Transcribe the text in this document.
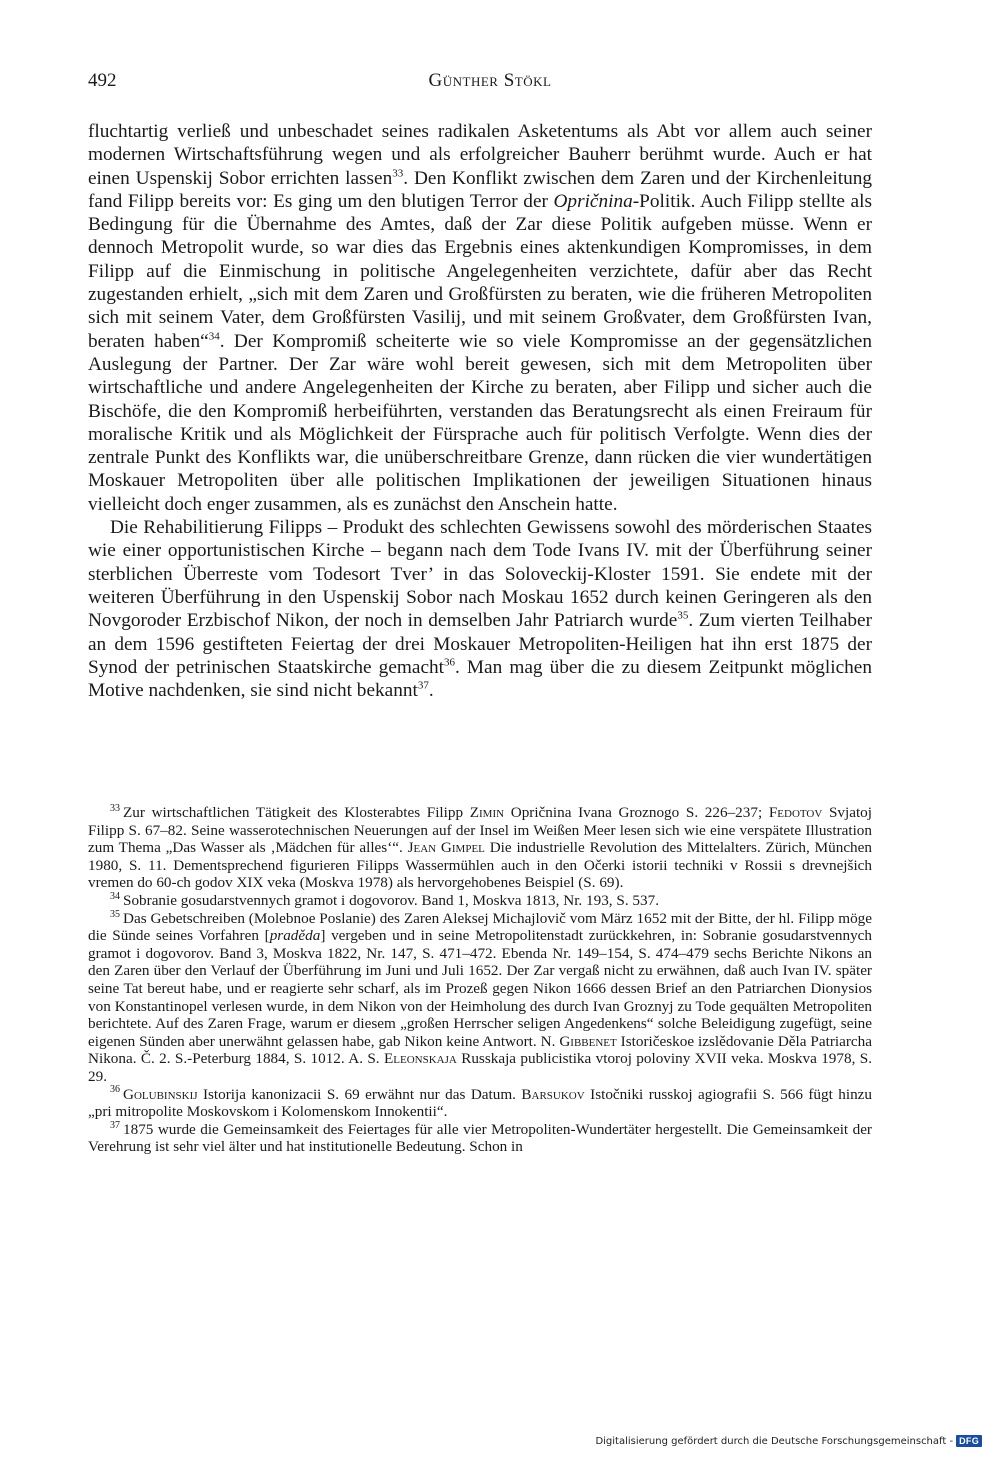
492	Günther Stökl

fluchtartig verließ und unbeschadet seines radikalen Asketentums als Abt vor allem auch seiner modernen Wirtschaftsführung wegen und als erfolgreicher Bauherr berühmt wurde. Auch er hat einen Uspenskij Sobor errichten lassen$^{33}$. Den Konflikt zwischen dem Zaren und der Kirchenleitung fand Filipp bereits vor: Es ging um den blutigen Terror der Opričnina-Politik. Auch Filipp stellte als Bedingung für die Übernahme des Amtes, daß der Zar diese Politik aufgeben müsse. Wenn er dennoch Metropolit wurde, so war dies das Ergebnis eines aktenkundigen Kompromisses, in dem Filipp auf die Einmischung in politische Angelegenheiten verzichtete, dafür aber das Recht zugestanden erhielt, „sich mit dem Zaren und Großfürsten zu beraten, wie die früheren Metropoliten sich mit seinem Vater, dem Großfürsten Vasilij, und mit seinem Großvater, dem Großfürsten Ivan, beraten haben“$^{34}$. Der Kompromiß scheiterte wie so viele Kompromisse an der gegensätzlichen Auslegung der Partner. Der Zar wäre wohl bereit gewesen, sich mit dem Metropoliten über wirtschaftliche und andere Angelegenheiten der Kirche zu beraten, aber Filipp und sicher auch die Bischöfe, die den Kompromiß herbeiführten, verstanden das Beratungsrecht als einen Freiraum für moralische Kritik und als Möglichkeit der Fürsprache auch für politisch Verfolgte. Wenn dies der zentrale Punkt des Konflikts war, die unüberschreitbare Grenze, dann rücken die vier wundertätigen Moskauer Metropoliten über alle politischen Implikationen der jeweiligen Situationen hinaus vielleicht doch enger zusammen, als es zunächst den Anschein hatte.

Die Rehabilitierung Filipps – Produkt des schlechten Gewissens sowohl des mörderischen Staates wie einer opportunistischen Kirche – begann nach dem Tode Ivans IV. mit der Überführung seiner sterblichen Überreste vom Todesort Tver’ in das Soloveckij-Kloster 1591. Sie endete mit der weiteren Überführung in den Uspenskij Sobor nach Moskau 1652 durch keinen Geringeren als den Novgoroder Erzbischof Nikon, der noch in demselben Jahr Patriarch wurde$^{35}$. Zum vierten Teilhaber an dem 1596 gestifteten Feiertag der drei Moskauer Metropoliten-Heiligen hat ihn erst 1875 der Synod der petrinischen Staatskirche gemacht$^{36}$. Man mag über die zu diesem Zeitpunkt möglichen Motive nachdenken, sie sind nicht bekannt$^{37}$.

$^{33}$ Zur wirtschaftlichen Tätigkeit des Klosterabtes Filipp Zimin Opričnina Ivana Groznogo S. 226–237; Fedotov Svjatoj Filipp S. 67–82. Seine wasserotechnischen Neuerungen auf der Insel im Weißen Meer lesen sich wie eine verspätete Illustration zum Thema „Das Wasser als ‚Mädchen für alles‘“. Jean Gimpel Die industrielle Revolution des Mittelalters. Zürich, München 1980, S. 11. Dementsprechend figurieren Filipps Wassermühlen auch in den Očerki istorii techniki v Rossii s drevnejšich vremen do 60-ch godov XIX veka (Moskva 1978) als hervorgehobenes Beispiel (S. 69).

$^{34}$ Sobranie gosudarstvennych gramot i dogovorov. Band 1, Moskva 1813, Nr. 193, S. 537.

$^{35}$ Das Gebetschreiben (Molebnoe Poslanie) des Zaren Aleksej Michajlovič vom März 1652 mit der Bitte, der hl. Filipp möge die Sünde seines Vorfahren [praděda] vergeben und in seine Metropolitenstadt zurückkehren, in: Sobranie gosudarstvennych gramot i dogovorov. Band 3, Moskva 1822, Nr. 147, S. 471–472. Ebenda Nr. 149–154, S. 474–479 sechs Berichte Nikons an den Zaren über den Verlauf der Überführung im Juni und Juli 1652. Der Zar vergaß nicht zu erwähnen, daß auch Ivan IV. später seine Tat bereut habe, und er reagierte sehr scharf, als im Prozeß gegen Nikon 1666 dessen Brief an den Patriarchen Dionysios von Konstantinopel verlesen wurde, in dem Nikon von der Heimholung des durch Ivan Groznyj zu Tode gequälten Metropoliten berichtete. Auf des Zaren Frage, warum er diesem „großen Herrscher seligen Angedenkens“ solche Beleidigung zugefügt, seine eigenen Sünden aber unerwähnt gelassen habe, gab Nikon keine Antwort. N. Gibbenet Istoričeskoe izslědovanie Děla Patriarcha Nikona. Č. 2. S.-Peterburg 1884, S. 1012. A. S. Eleonskaja Russkaja publicistika vtoroj poloviny XVII veka. Moskva 1978, S. 29.

$^{36}$ Golubinskij Istorija kanonizacii S. 69 erwähnt nur das Datum. Barsukov Istočniki russkoj agiografii S. 566 fügt hinzu „pri mitropolite Moskovskom i Kolomenskom Innokentii“.

$^{37}$ 1875 wurde die Gemeinsamkeit des Feiertages für alle vier Metropoliten-Wundertäter hergestellt. Die Gemeinsamkeit der Verehrung ist sehr viel älter und hat institutionelle Bedeutung. Schon in

Digitalisierung gefördert durch die Deutsche Forschungsgemeinschaft - DFG
